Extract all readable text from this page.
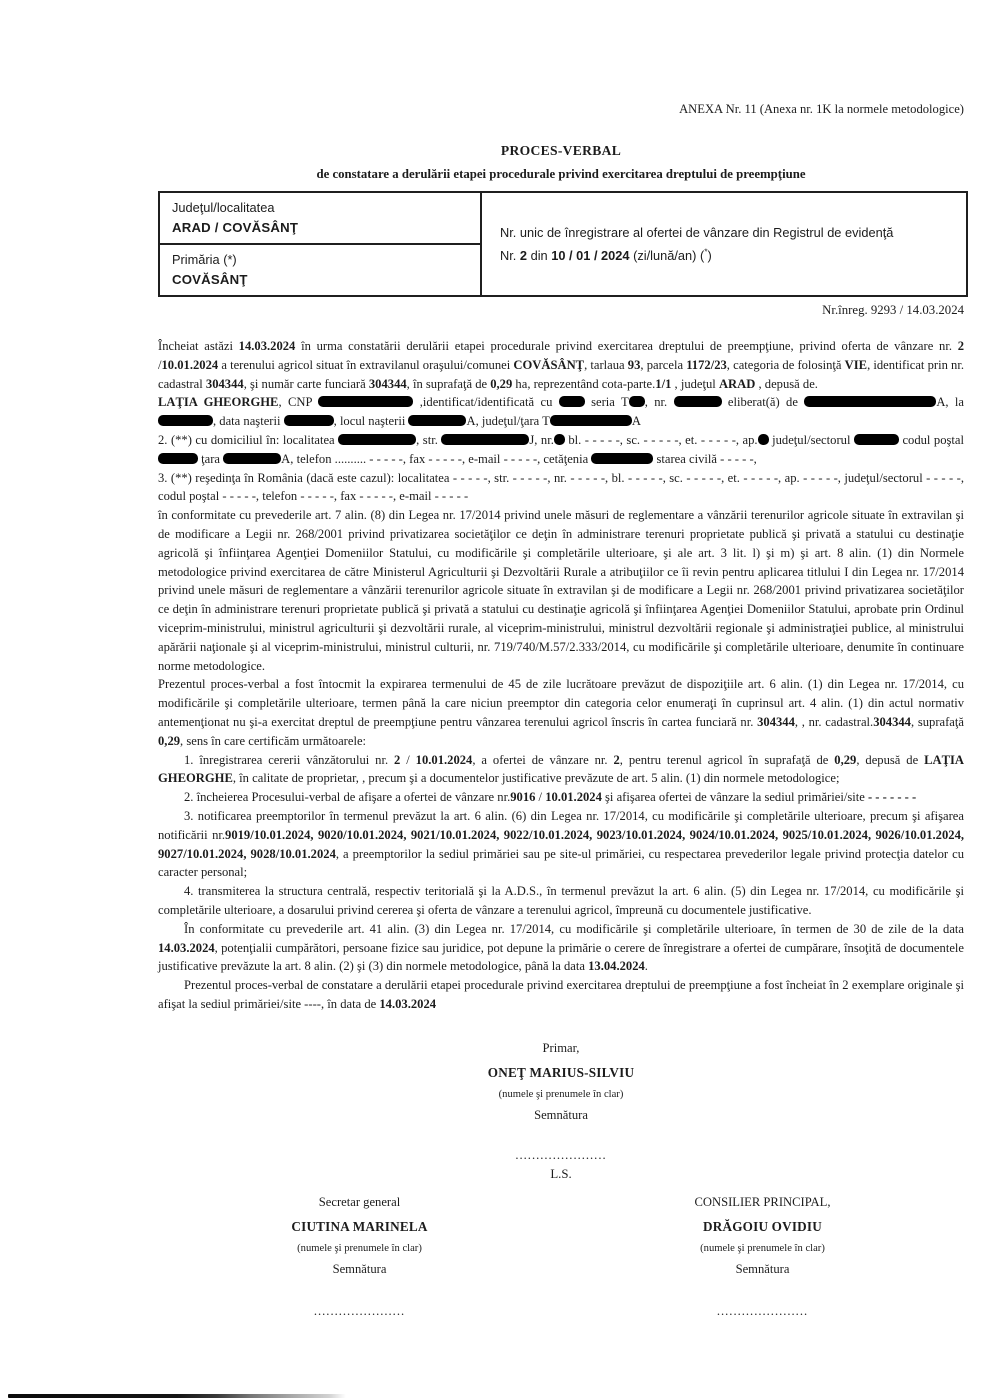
ANEXA Nr. 11 (Anexa nr. 1K la normele metodologice)
PROCES-VERBAL
de constatare a derulării etapei procedurale privind exercitarea dreptului de preempţiune
Judeţul/localitatea
ARAD / COVĂSÂNŢ	Nr. unic de înregistrare al ofertei de vânzare din Registrul de evidenţă
Nr. 2 din 10 / 01 / 2024 (zi/lună/an) (*)
Primăria (*)
COVĂSÂNŢ
Nr.înreg. 9293 / 14.03.2024

Încheiat astăzi 14.03.2024 în urma constatării derulării etapei procedurale privind exercitarea dreptului de preempţiune, privind oferta de vânzare nr. 2 /10.01.2024 a terenului agricol situat în extravilanul oraşului/comunei COVĂSÂNŢ, tarlaua 93, parcela 1172/23, categoria de folosinţă VIE, identificat prin nr. cadastral 304344, şi număr carte funciară 304344, în suprafaţă de 0,29 ha, reprezentând cota-parte.1/1 , judeţul ARAD , depusă de.

LAŢIA GHEORGHE, CNP	,identificat/identificată cu  seria T , nr.	eliberat(ă) de	A, la , data naşterii	, locul naşterii	A, judeţul/ţara T	A

2. (**) cu domiciliul în: localitatea	, str.	J, nr. bl. - - - - -, sc. - - - - -, et. - - - - -, ap. judeţul/sectorul	codul poştal  ţara	A, telefon .......... - - - - -, fax - - - - -, e-mail - - - - -, cetăţenia	starea civilă - - - - -,

3. (**) reşedinţa în România (dacă este cazul): localitatea - - - - -, str. - - - - -, nr. - - - - -, bl. - - - - -, sc. - - - - -, et. - - - - -, ap. - - - - -, judeţul/sectorul - - - - -, codul poştal - - - - -, telefon - - - - -, fax - - - - -, e-mail - - - - -

în conformitate cu prevederile art. 7 alin. (8) din Legea nr. 17/2014 privind unele măsuri de reglementare a vânzării terenurilor agricole situate în extravilan şi de modificare a Legii nr. 268/2001 privind privatizarea societăţilor ce deţin în administrare terenuri proprietate publică şi privată a statului cu destinaţie agricolă şi înfiinţarea Agenţiei Domeniilor Statului, cu modificările şi completările ulterioare, şi ale art. 3 lit. l) şi m) şi art. 8 alin. (1) din Normele metodologice privind exercitarea de către Ministerul Agriculturii şi Dezvoltării Rurale a atribuţiilor ce îi revin pentru aplicarea titlului I din Legea nr. 17/2014 privind unele măsuri de reglementare a vânzării terenurilor agricole situate în extravilan şi de modificare a Legii nr. 268/2001 privind privatizarea societăţilor ce deţin în administrare terenuri proprietate publică şi privată a statului cu destinaţie agricolă şi înfiinţarea Agenţiei Domeniilor Statului, aprobate prin Ordinul viceprim-ministrului, ministrul agriculturii şi dezvoltării rurale, al viceprim-ministrului, ministrul dezvoltării regionale şi administraţiei publice, al ministrului apărării naţionale şi al viceprim-ministrului, ministrul culturii, nr. 719/740/M.57/2.333/2014, cu modificările şi completările ulterioare, denumite în continuare norme metodologice.

Prezentul proces-verbal a fost întocmit la expirarea termenului de 45 de zile lucrătoare prevăzut de dispoziţiile art. 6 alin. (1) din Legea nr. 17/2014, cu modificările şi completările ulterioare, termen până la care niciun preemptor din categoria celor enumeraţi în cuprinsul art. 4 alin. (1) din actul normativ antemenţionat nu şi-a exercitat dreptul de preempţiune pentru vânzarea terenului agricol înscris în cartea funciară nr. 304344, , nr. cadastral.304344, suprafaţă 0,29, sens în care certificăm următoarele:

1. înregistrarea cererii vânzătorului nr. 2 / 10.01.2024, a ofertei de vânzare nr. 2, pentru terenul agricol în suprafaţă de 0,29, depusă de LAŢIA GHEORGHE, în calitate de proprietar, , precum şi a documentelor justificative prevăzute de art. 5 alin. (1) din normele metodologice;

2. încheierea Procesului-verbal de afişare a ofertei de vânzare nr.9016 / 10.01.2024 şi afişarea ofertei de vânzare la sediul primăriei/site - - - - - - -

3. notificarea preemptorilor în termenul prevăzut la art. 6 alin. (6) din Legea nr. 17/2014, cu modificările şi completările ulterioare, precum şi afişarea notificării nr.9019/10.01.2024, 9020/10.01.2024, 9021/10.01.2024, 9022/10.01.2024, 9023/10.01.2024, 9024/10.01.2024, 9025/10.01.2024, 9026/10.01.2024, 9027/10.01.2024, 9028/10.01.2024, a preemptorilor la sediul primăriei sau pe site-ul primăriei, cu respectarea prevederilor legale privind protecţia datelor cu caracter personal;

4. transmiterea la structura centrală, respectiv teritorială şi la A.D.S., în termenul prevăzut la art. 6 alin. (5) din Legea nr. 17/2014, cu modificările şi completările ulterioare, a dosarului privind cererea şi oferta de vânzare a terenului agricol, împreună cu documentele justificative.

În conformitate cu prevederile art. 41 alin. (3) din Legea nr. 17/2014, cu modificările şi completările ulterioare, în termen de 30 de zile de la data 14.03.2024, potenţialii cumpărători, persoane fizice sau juridice, pot depune la primărie o cerere de înregistrare a ofertei de cumpărare, însoţită de documentele justificative prevăzute la art. 8 alin. (2) şi (3) din normele metodologice, până la data 13.04.2024.

Prezentul proces-verbal de constatare a derulării etapei procedurale privind exercitarea dreptului de preempţiune a fost încheiat în 2 exemplare originale şi afişat la sediul primăriei/site ----, în data de 14.03.2024

Primar,
ONEŢ MARIUS-SILVIU
(numele şi prenumele în clar)
Semnătura
......................
L.S.
Secretar general
CIUTINA MARINELA
(numele şi prenumele în clar)
Semnătura
......................
CONSILIER PRINCIPAL,
DRĂGOIU OVIDIU
(numele şi prenumele în clar)
Semnătura
......................
